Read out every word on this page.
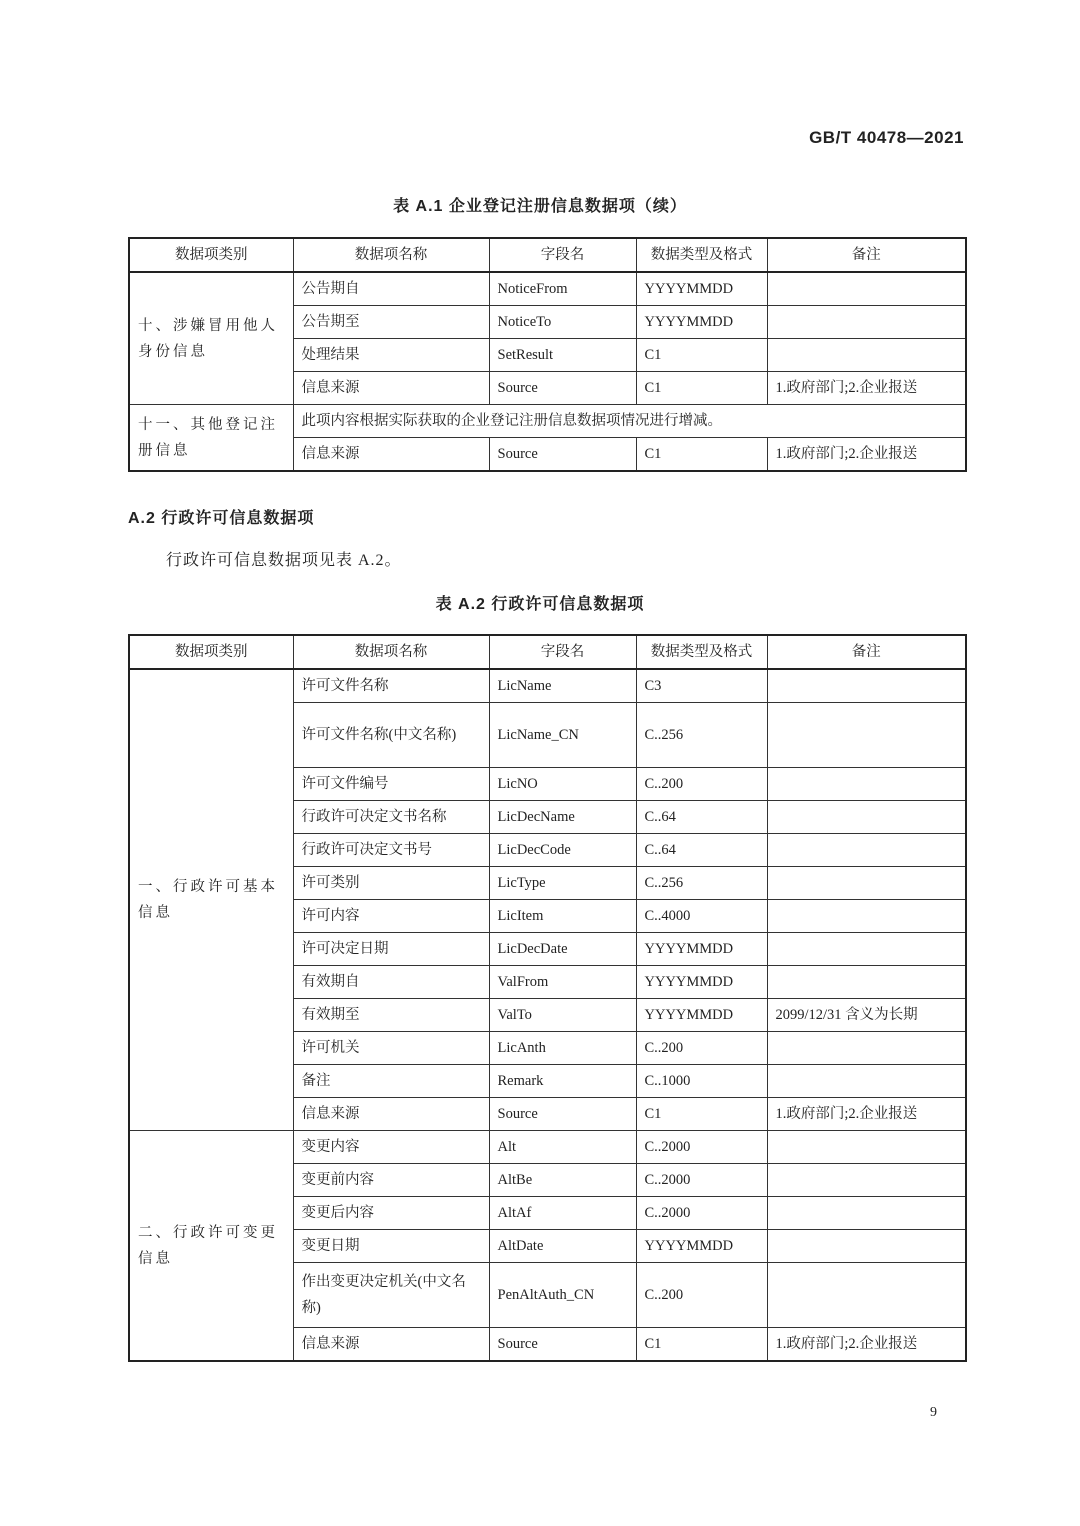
GB/T 40478—2021
表 A.1 企业登记注册信息数据项（续）
数据项类别	数据项名称	字段名	数据类型及格式	备注
十、涉嫌冒用他人身份信息	公告期自	NoticeFrom	YYYYMMDD	
	公告期至	NoticeTo	YYYYMMDD	
	处理结果	SetResult	C1	
	信息来源	Source	C1	1.政府部门;2.企业报送
十一、其他登记注册信息	此项内容根据实际获取的企业登记注册信息数据项情况进行增减。			
	信息来源	Source	C1	1.政府部门;2.企业报送
A.2 行政许可信息数据项
行政许可信息数据项见表 A.2。
表 A.2 行政许可信息数据项
数据项类别	数据项名称	字段名	数据类型及格式	备注
一、行政许可基本信息	许可文件名称	LicName	C3	
	许可文件名称(中文名称)	LicName_CN	C..256	
	许可文件编号	LicNO	C..200	
	行政许可决定文书名称	LicDecName	C..64	
	行政许可决定文书号	LicDecCode	C..64	
	许可类别	LicType	C..256	
	许可内容	LicItem	C..4000	
	许可决定日期	LicDecDate	YYYYMMDD	
	有效期自	ValFrom	YYYYMMDD	
	有效期至	ValTo	YYYYMMDD	2099/12/31 含义为长期
	许可机关	LicAnth	C..200	
	备注	Remark	C..1000	
	信息来源	Source	C1	1.政府部门;2.企业报送
二、行政许可变更信息	变更内容	Alt	C..2000	
	变更前内容	AltBe	C..2000	
	变更后内容	AltAf	C..2000	
	变更日期	AltDate	YYYYMMDD	
	作出变更决定机关(中文名称)	PenAltAuth_CN	C..200	
	信息来源	Source	C1	1.政府部门;2.企业报送
9
